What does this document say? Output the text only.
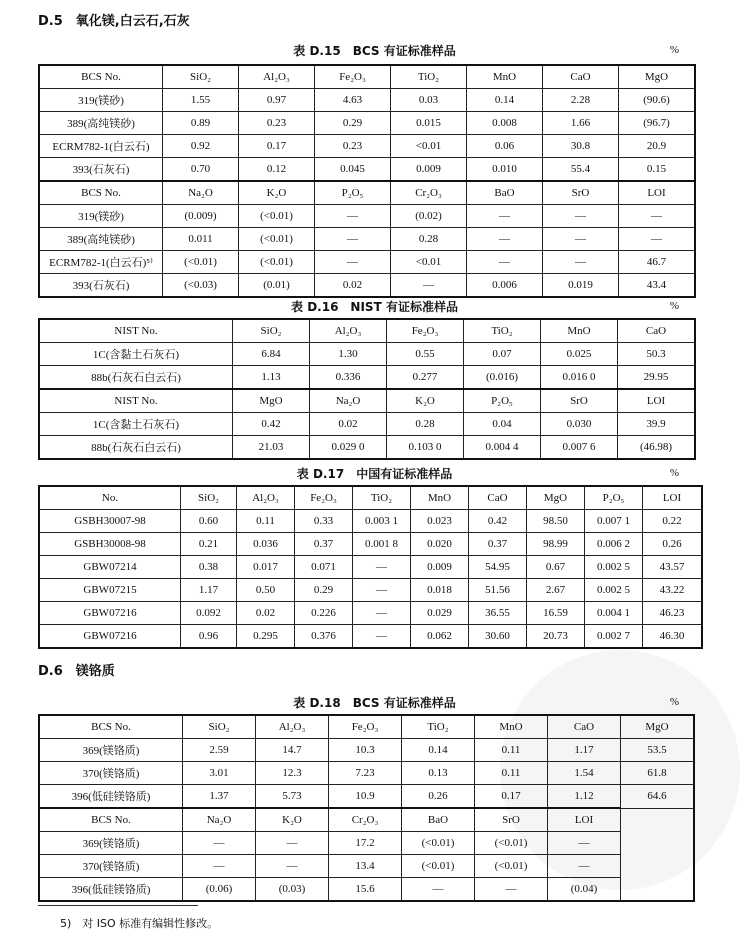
D.5　氧化镁,白云石,石灰
表 D.15　BCS 有证标准样品	%
BCS No.	SiO₂	Al₂O₃	Fe₂O₃	TiO₂	MnO	CaO	MgO
319(镁砂)	1.55	0.97	4.63	0.03	0.14	2.28	(90.6)
389(高纯镁砂)	0.89	0.23	0.29	0.015	0.008	1.66	(96.7)
ECRM782-1(白云石)	0.92	0.17	0.23	<0.01	0.06	30.8	20.9
393(石灰石)	0.70	0.12	0.045	0.009	0.010	55.4	0.15
BCS No.	Na₂O	K₂O	P₂O₅	Cr₂O₃	BaO	SrO	LOI
319(镁砂)	(0.009)	(<0.01)	—	(0.02)	—	—	—
389(高纯镁砂)	0.011	(<0.01)	—	0.28	—	—	—
ECRM782-1(白云石)⁵⁾	(<0.01)	(<0.01)	—	<0.01	—	—	46.7
393(石灰石)	(<0.03)	(0.01)	0.02	—	0.006	0.019	43.4
表 D.16　NIST 有证标准样品	%
NIST No.	SiO₂	Al₂O₃	Fe₂O₃	TiO₂	MnO	CaO
1C(含黏土石灰石)	6.84	1.30	0.55	0.07	0.025	50.3
88b(石灰石白云石)	1.13	0.336	0.277	(0.016)	0.016 0	29.95
NIST No.	MgO	Na₂O	K₂O	P₂O₅	SrO	LOI
1C(含黏土石灰石)	0.42	0.02	0.28	0.04	0.030	39.9
88b(石灰石白云石)	21.03	0.029 0	0.103 0	0.004 4	0.007 6	(46.98)
表 D.17　中国有证标准样品	%
No.	SiO₂	Al₂O₃	Fe₂O₃	TiO₂	MnO	CaO	MgO	P₂O₅	LOI
GSBH30007-98	0.60	0.11	0.33	0.003 1	0.023	0.42	98.50	0.007 1	0.22
GSBH30008-98	0.21	0.036	0.37	0.001 8	0.020	0.37	98.99	0.006 2	0.26
GBW07214	0.38	0.017	0.071	—	0.009	54.95	0.67	0.002 5	43.57
GBW07215	1.17	0.50	0.29	—	0.018	51.56	2.67	0.002 5	43.22
GBW07216	0.092	0.02	0.226	—	0.029	36.55	16.59	0.004 1	46.23
GBW07216	0.96	0.295	0.376	—	0.062	30.60	20.73	0.002 7	46.30
D.6　镁铬质
表 D.18　BCS 有证标准样品	%
BCS No.	SiO₂	Al₂O₃	Fe₂O₃	TiO₂	MnO	CaO	MgO
369(镁铬质)	2.59	14.7	10.3	0.14	0.11	1.17	53.5
370(镁铬质)	3.01	12.3	7.23	0.13	0.11	1.54	61.8
396(低硅镁铬质)	1.37	5.73	10.9	0.26	0.17	1.12	64.6
BCS No.	Na₂O	K₂O	Cr₂O₃	BaO	SrO	LOI	
369(镁铬质)	—	—	17.2	(<0.01)	(<0.01)	—	
370(镁铬质)	—	—	13.4	(<0.01)	(<0.01)	—	
396(低硅镁铬质)	(0.06)	(0.03)	15.6	—	—	(0.04)	
5)　对 ISO 标准有编辑性修改。
